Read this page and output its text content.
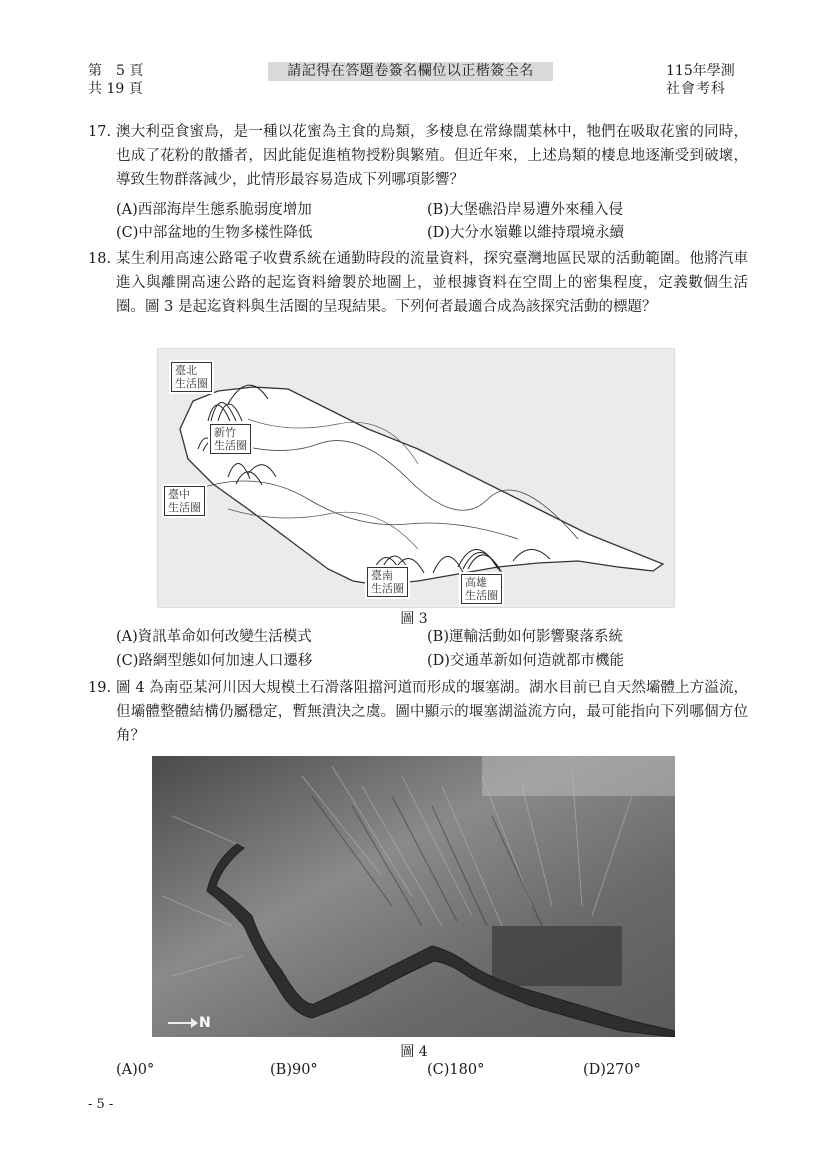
第　5 頁
共 19 頁
請記得在答題卷簽名欄位以正楷簽全名	115年學測
社會考科
17. 澳大利亞食蜜鳥，是一種以花蜜為主食的鳥類，多棲息在常綠闊葉林中，牠們在吸取花蜜的同時，也成了花粉的散播者，因此能促進植物授粉與繁殖。但近年來，上述鳥類的棲息地逐漸受到破壞，導致生物群落減少，此情形最容易造成下列哪項影響？
(A)西部海岸生態系脆弱度增加	(B)大堡礁沿岸易遭外來種入侵
(C)中部盆地的生物多樣性降低	(D)大分水嶺難以維持環境永續
18. 某生利用高速公路電子收費系統在通勤時段的流量資料，探究臺灣地區民眾的活動範圍。他將汽車進入與離開高速公路的起迄資料繪製於地圖上，並根據資料在空間上的密集程度，定義數個生活圈。圖 3 是起迄資料與生活圈的呈現結果。下列何者最適合成為該探究活動的標題？
臺北
生活圈
新竹
生活圈
臺中
生活圈
臺南
生活圈	高雄
生活圈
圖 3
(A)資訊革命如何改變生活模式	(B)運輸活動如何影響聚落系統
(C)路網型態如何加速人口遷移	(D)交通革新如何造就都市機能
19. 圖 4 為南亞某河川因大規模土石滑落阻擋河道而形成的堰塞湖。湖水目前已自天然壩體上方溢流，但壩體整體結構仍屬穩定，暫無潰決之虞。圖中顯示的堰塞湖溢流方向，最可能指向下列哪個方位角？
N
圖 4
(A)0°	(B)90°	(C)180°	(D)270°
- 5 -
